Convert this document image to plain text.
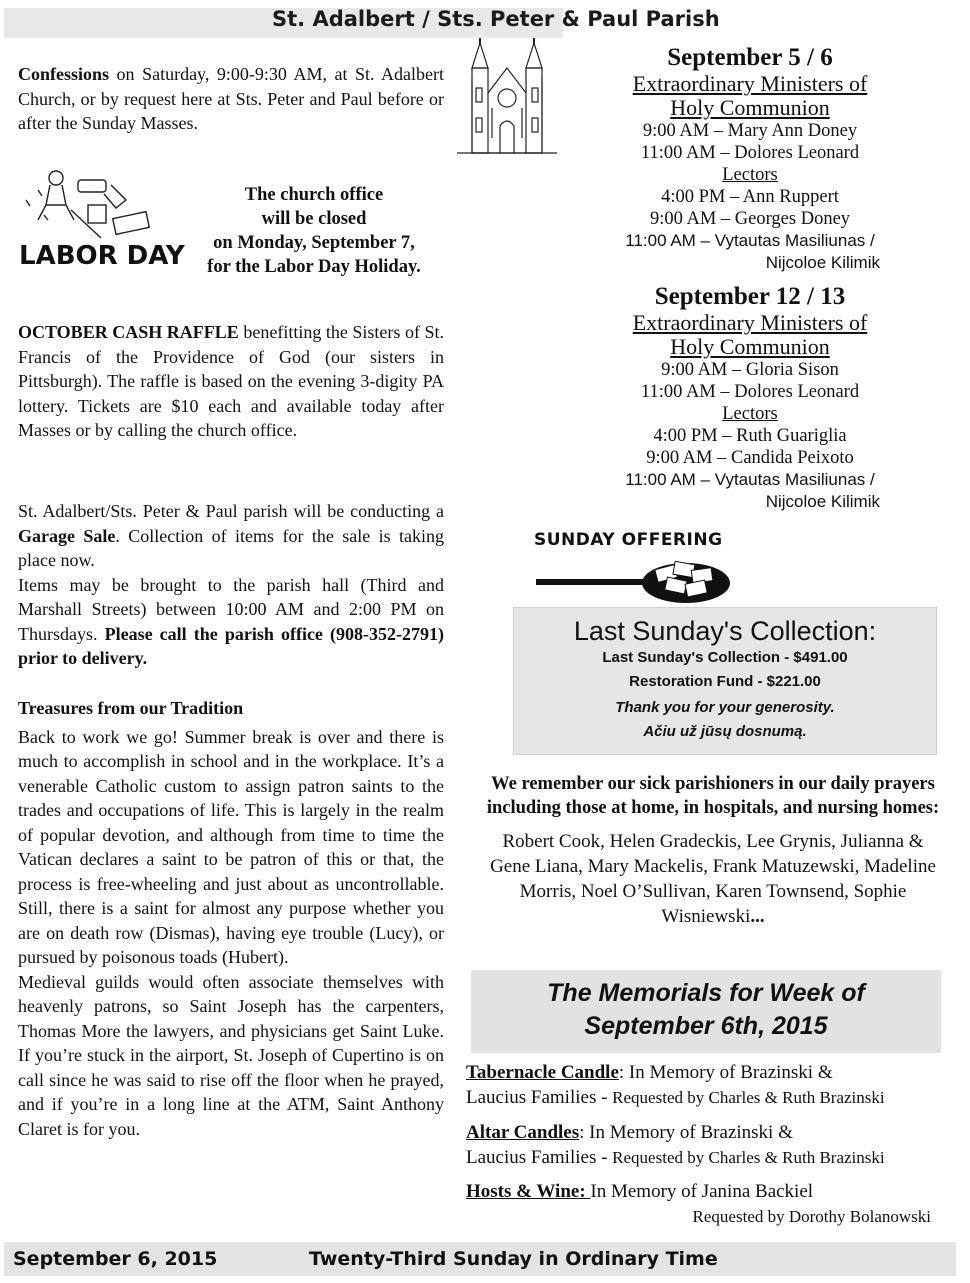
St. Adalbert / Sts. Peter & Paul Parish
Confessions on Saturday, 9:00-9:30 AM, at St. Adalbert Church, or by request here at Sts. Peter and Paul before or after the Sunday Masses.
LABOR DAY
The church office
will be closed
on Monday, September 7,
for the Labor Day Holiday.
OCTOBER CASH RAFFLE benefitting the Sisters of St. Francis of the Providence of God (our sisters in Pittsburgh). The raffle is based on the evening 3-digity PA lottery. Tickets are $10 each and available today after Masses or by calling the church office.
St. Adalbert/Sts. Peter & Paul parish will be conducting a Garage Sale. Collection of items for the sale is taking place now.
Items may be brought to the parish hall (Third and Marshall Streets) between 10:00 AM and 2:00 PM on Thursdays. Please call the parish office (908-352-2791) prior to delivery.
Treasures from our Tradition
Back to work we go! Summer break is over and there is much to accomplish in school and in the workplace. It’s a venerable Catholic custom to assign patron saints to the trades and occupations of life. This is largely in the realm of popular devotion, and although from time to time the Vatican declares a saint to be patron of this or that, the process is free-wheeling and just about as uncontrollable. Still, there is a saint for almost any purpose whether you are on death row (Dismas), having eye trouble (Lucy), or pursued by poisonous toads (Hubert).
Medieval guilds would often associate themselves with heavenly patrons, so Saint Joseph has the carpenters, Thomas More the lawyers, and physicians get Saint Luke. If you’re stuck in the airport, St. Joseph of Cupertino is on call since he was said to rise off the floor when he prayed, and if you’re in a long line at the ATM, Saint Anthony Claret is for you.
September 5 / 6
Extraordinary Ministers of
Holy Communion
9:00 AM – Mary Ann Doney
11:00 AM – Dolores Leonard
Lectors
4:00 PM – Ann Ruppert
9:00 AM – Georges Doney
11:00 AM – Vytautas Masiliunas /
Nijcoloe Kilimik
September 12 / 13
Extraordinary Ministers of
Holy Communion
9:00 AM – Gloria Sison
11:00 AM – Dolores Leonard
Lectors
4:00 PM – Ruth Guariglia
9:00 AM – Candida Peixoto
11:00 AM – Vytautas Masiliunas /
Nijcoloe Kilimik
SUNDAY OFFERING
Last Sunday's Collection:
Last Sunday's Collection - $491.00
Restoration Fund - $221.00
Thank you for your generosity.
Ačiu už jūsų dosnumą.
We remember our sick parishioners in our daily prayers including those at home, in hospitals, and nursing homes:
Robert Cook, Helen Gradeckis, Lee Grynis, Julianna & Gene Liana, Mary Mackelis, Frank Matuzewski, Madeline Morris, Noel O’Sullivan, Karen Townsend, Sophie Wisniewski...
The Memorials for Week of
September 6th, 2015
Tabernacle Candle: In Memory of Brazinski &
Laucius Families - Requested by Charles & Ruth Brazinski
Altar Candles: In Memory of Brazinski &
Laucius Families - Requested by Charles & Ruth Brazinski
Hosts & Wine: In Memory of Janina Backiel
Requested by Dorothy Bolanowski
September 6, 2015	Twenty-Third Sunday in Ordinary Time
